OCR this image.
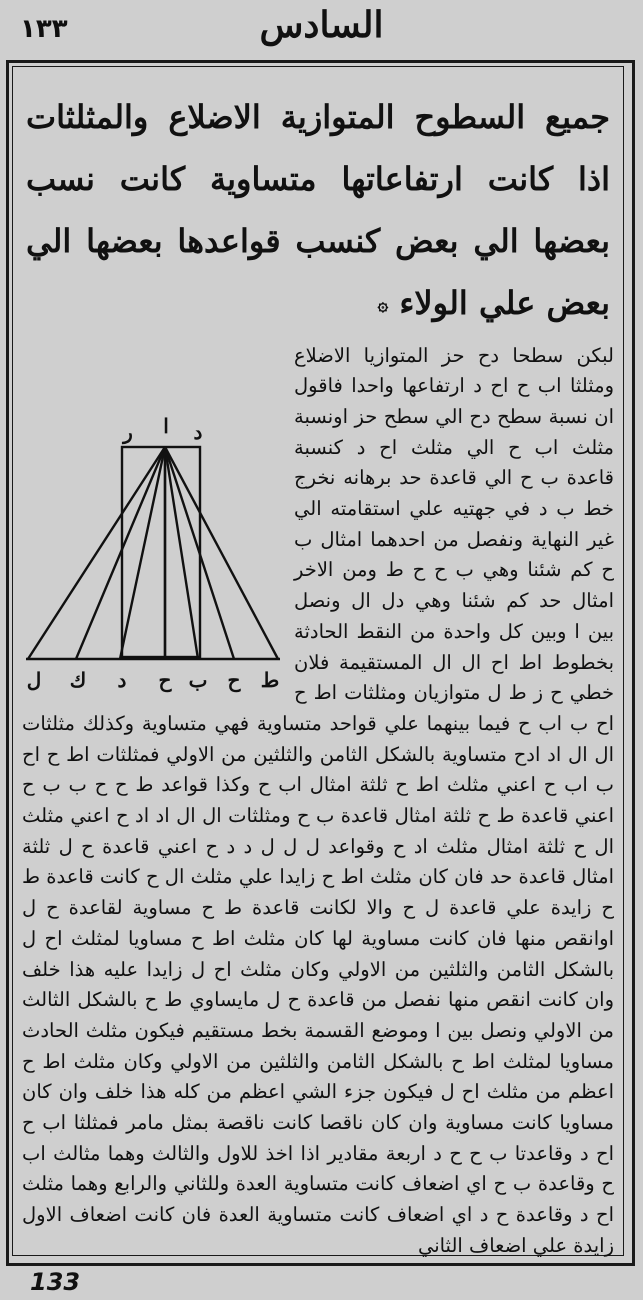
١٣٣	السادس
جميع السطوح المتوازية الاضلاع والمثلثات اذا كانت ارتفاعاتها متساوية كانت نسب بعضها الي بعض كنسب قواعدها بعضها الي بعض علي الولاء ۞
ر ا د
ط
ح
ب
ح
د
ك
ل

لبكن سطحا دح حز المتوازيا الاضلاع ومثلثا اب ح اح د ارتفاعها واحدا فاقول ان نسبة سطح دح الي سطح حز اونسبة مثلث اب ح الي مثلث اح د كنسبة قاعدة ب ح الي قاعدة حد برهانه نخرج خط ب د في جهتيه علي استقامته الي غير النهاية ونفصل من احدهما امثال ب ح كم شئنا وهي ب ح ح ط ومن الاخر امثال حد كم شئنا وهي دل ال ونصل بين ا وبين كل واحدة من النقط الحادثة بخطوط اط اح ال ال المستقيمة فلان خطي ح ز ط ل متوازيان ومثلثات اط ح اح ب اب ح فيما بينهما علي قواحد متساوية فهي متساوية وكذلك مثلثات ال ال اد ادح متساوية بالشكل الثامن والثلثين من الاولي فمثلثات اط ح اح ب اب ح اعني مثلث اط ح ثلثة امثال اب ح وكذا قواعد ط ح ح ب ب ح اعني قاعدة ط ح ثلثة امثال قاعدة ب ح ومثلثات ال ال اد اد ح اعني مثلث ال ح ثلثة امثال مثلث اد ح وقواعد ل ل ل د د ح اعني قاعدة ح ل ثلثة امثال قاعدة حد فان كان مثلث اط ح زايدا علي مثلث ال ح كانت قاعدة ط ح زايدة علي قاعدة ل ح والا لكانت قاعدة ط ح مساوية لقاعدة ح ل اوانقص منها فان كانت مساوية لها كان مثلث اط ح مساويا لمثلث اح ل بالشكل الثامن والثلثين من الاولي وكان مثلث اح ل زايدا عليه هذا خلف وان كانت انقص منها نفصل من قاعدة ح ل مايساوي ط ح بالشكل الثالث من الاولي ونصل بين ا وموضع القسمة بخط مستقيم فيكون مثلث الحادث مساويا لمثلث اط ح بالشكل الثامن والثلثين من الاولي وكان مثلث اط ح اعظم من مثلث اح ل فيكون جزء الشي اعظم من كله هذا خلف وان كان مساويا كانت مساوية وان كان ناقصا كانت ناقصة بمثل مامر فمثلثا اب ح اح د وقاعدتا ب ح ح د اربعة مقادير اذا اخذ للاول والثالث وهما مثالث اب ح وقاعدة ب ح اي اضعاف كانت متساوية العدة وللثاني والرابع وهما مثلث اح د وقاعدة ح د اي اضعاف كانت متساوية العدة فان كانت اضعاف الاول زايدة علي اضعاف الثاني

133
